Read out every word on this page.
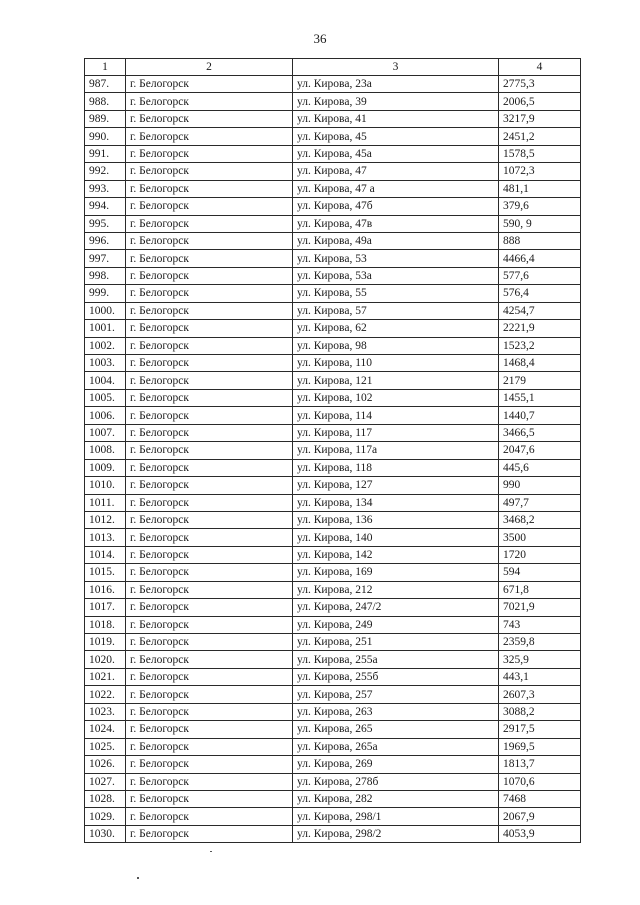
36
1	2	3	4
987.	г. Белогорск	ул. Кирова, 23а	2775,3
988.	г. Белогорск	ул. Кирова, 39	2006,5
989.	г. Белогорск	ул. Кирова, 41	3217,9
990.	г. Белогорск	ул. Кирова, 45	2451,2
991.	г. Белогорск	ул. Кирова, 45а	1578,5
992.	г. Белогорск	ул. Кирова, 47	1072,3
993.	г. Белогорск	ул. Кирова, 47 а	481,1
994.	г. Белогорск	ул. Кирова, 47б	379,6
995.	г. Белогорск	ул. Кирова, 47в	590, 9
996.	г. Белогорск	ул. Кирова, 49а	888
997.	г. Белогорск	ул. Кирова, 53	4466,4
998.	г. Белогорск	ул. Кирова, 53а	577,6
999.	г. Белогорск	ул. Кирова, 55	576,4
1000.	г. Белогорск	ул. Кирова, 57	4254,7
1001.	г. Белогорск	ул. Кирова, 62	2221,9
1002.	г. Белогорск	ул. Кирова, 98	1523,2
1003.	г. Белогорск	ул. Кирова, 110	1468,4
1004.	г. Белогорск	ул. Кирова, 121	2179
1005.	г. Белогорск	ул. Кирова, 102	1455,1
1006.	г. Белогорск	ул. Кирова, 114	1440,7
1007.	г. Белогорск	ул. Кирова, 117	3466,5
1008.	г. Белогорск	ул. Кирова, 117а	2047,6
1009.	г. Белогорск	ул. Кирова, 118	445,6
1010.	г. Белогорск	ул. Кирова, 127	990
1011.	г. Белогорск	ул. Кирова, 134	497,7
1012.	г. Белогорск	ул. Кирова, 136	3468,2
1013.	г. Белогорск	ул. Кирова, 140	3500
1014.	г. Белогорск	ул. Кирова, 142	1720
1015.	г. Белогорск	ул. Кирова, 169	594
1016.	г. Белогорск	ул. Кирова, 212	671,8
1017.	г. Белогорск	ул. Кирова, 247/2	7021,9
1018.	г. Белогорск	ул. Кирова, 249	743
1019.	г. Белогорск	ул. Кирова, 251	2359,8
1020.	г. Белогорск	ул. Кирова, 255а	325,9
1021.	г. Белогорск	ул. Кирова, 255б	443,1
1022.	г. Белогорск	ул. Кирова, 257	2607,3
1023.	г. Белогорск	ул. Кирова, 263	3088,2
1024.	г. Белогорск	ул. Кирова, 265	2917,5
1025.	г. Белогорск	ул. Кирова, 265а	1969,5
1026.	г. Белогорск	ул. Кирова, 269	1813,7
1027.	г. Белогорск	ул. Кирова, 278б	1070,6
1028.	г. Белогорск	ул. Кирова, 282	7468
1029.	г. Белогорск	ул. Кирова, 298/1	2067,9
1030.	г. Белогорск	ул. Кирова, 298/2	4053,9
